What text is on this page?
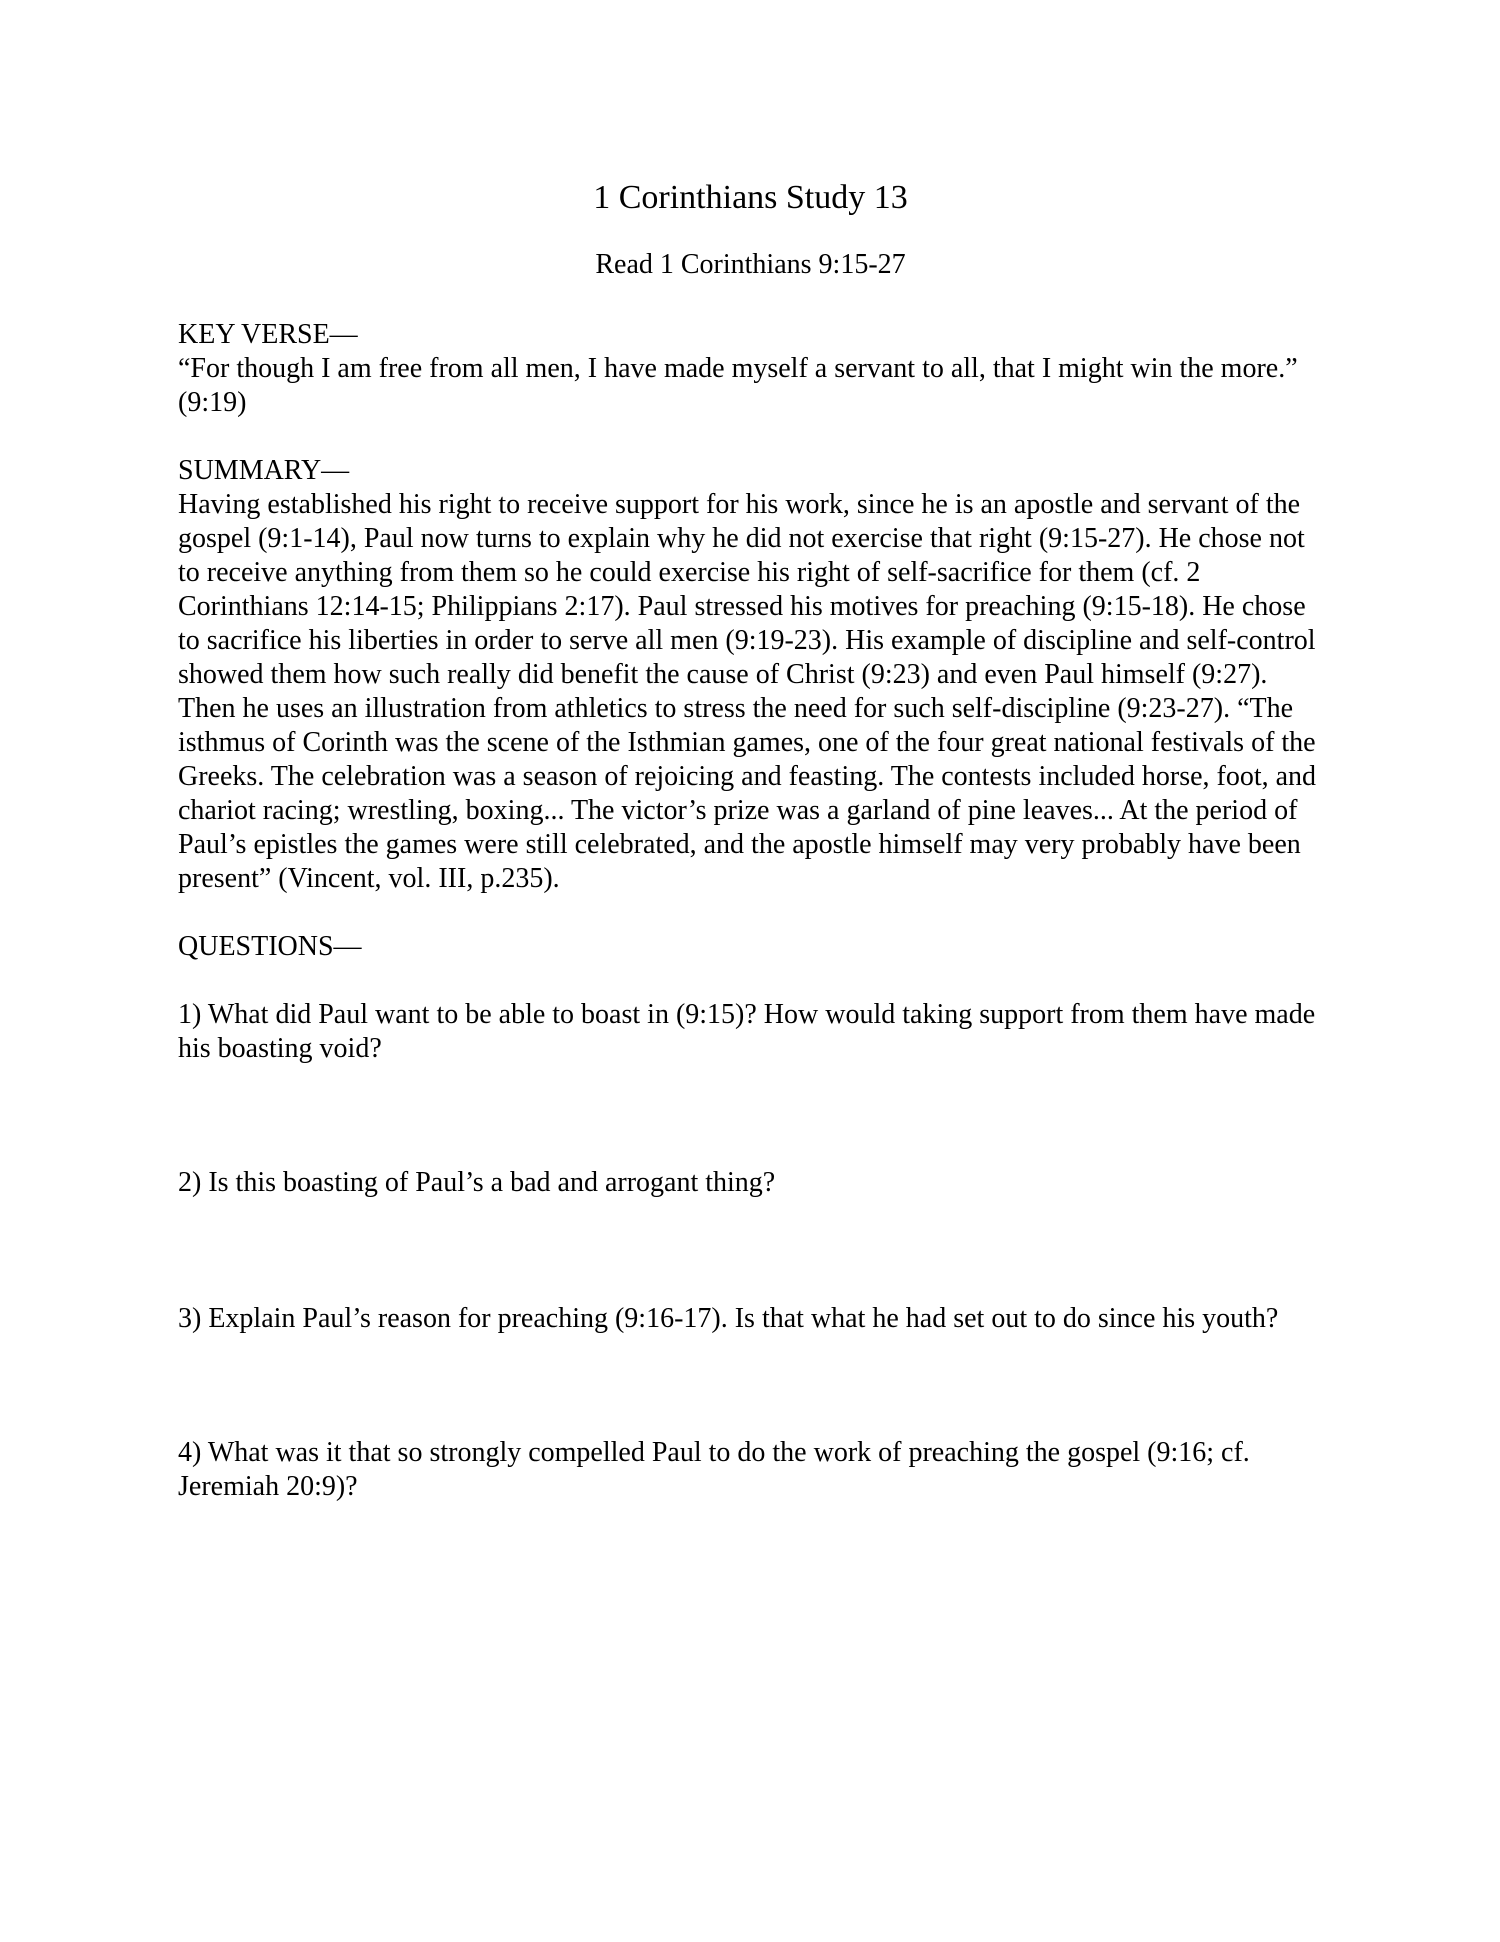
1 Corinthians Study 13

Read 1 Corinthians 9:15-27

KEY VERSE—

“For though I am free from all men, I have made myself a servant to all, that I might win the more.” (9:19)

SUMMARY—

Having established his right to receive support for his work, since he is an apostle and servant of the gospel (9:1-14), Paul now turns to explain why he did not exercise that right (9:15-27). He chose not to receive anything from them so he could exercise his right of self-sacrifice for them (cf. 2 Corinthians 12:14-15; Philippians 2:17). Paul stressed his motives for preaching (9:15-18). He chose to sacrifice his liberties in order to serve all men (9:19-23). His example of discipline and self-control showed them how such really did benefit the cause of Christ (9:23) and even Paul himself (9:27). Then he uses an illustration from athletics to stress the need for such self-discipline (9:23-27). “The isthmus of Corinth was the scene of the Isthmian games, one of the four great national festivals of the Greeks. The celebration was a season of rejoicing and feasting. The contests included horse, foot, and chariot racing; wrestling, boxing... The victor’s prize was a garland of pine leaves... At the period of Paul’s epistles the games were still celebrated, and the apostle himself may very probably have been present” (Vincent, vol. III, p.235).

QUESTIONS—

1) What did Paul want to be able to boast in (9:15)? How would taking support from them have made his boasting void?

2) Is this boasting of Paul’s a bad and arrogant thing?

3) Explain Paul’s reason for preaching (9:16-17). Is that what he had set out to do since his youth?

4) What was it that so strongly compelled Paul to do the work of preaching the gospel (9:16; cf. Jeremiah 20:9)?
